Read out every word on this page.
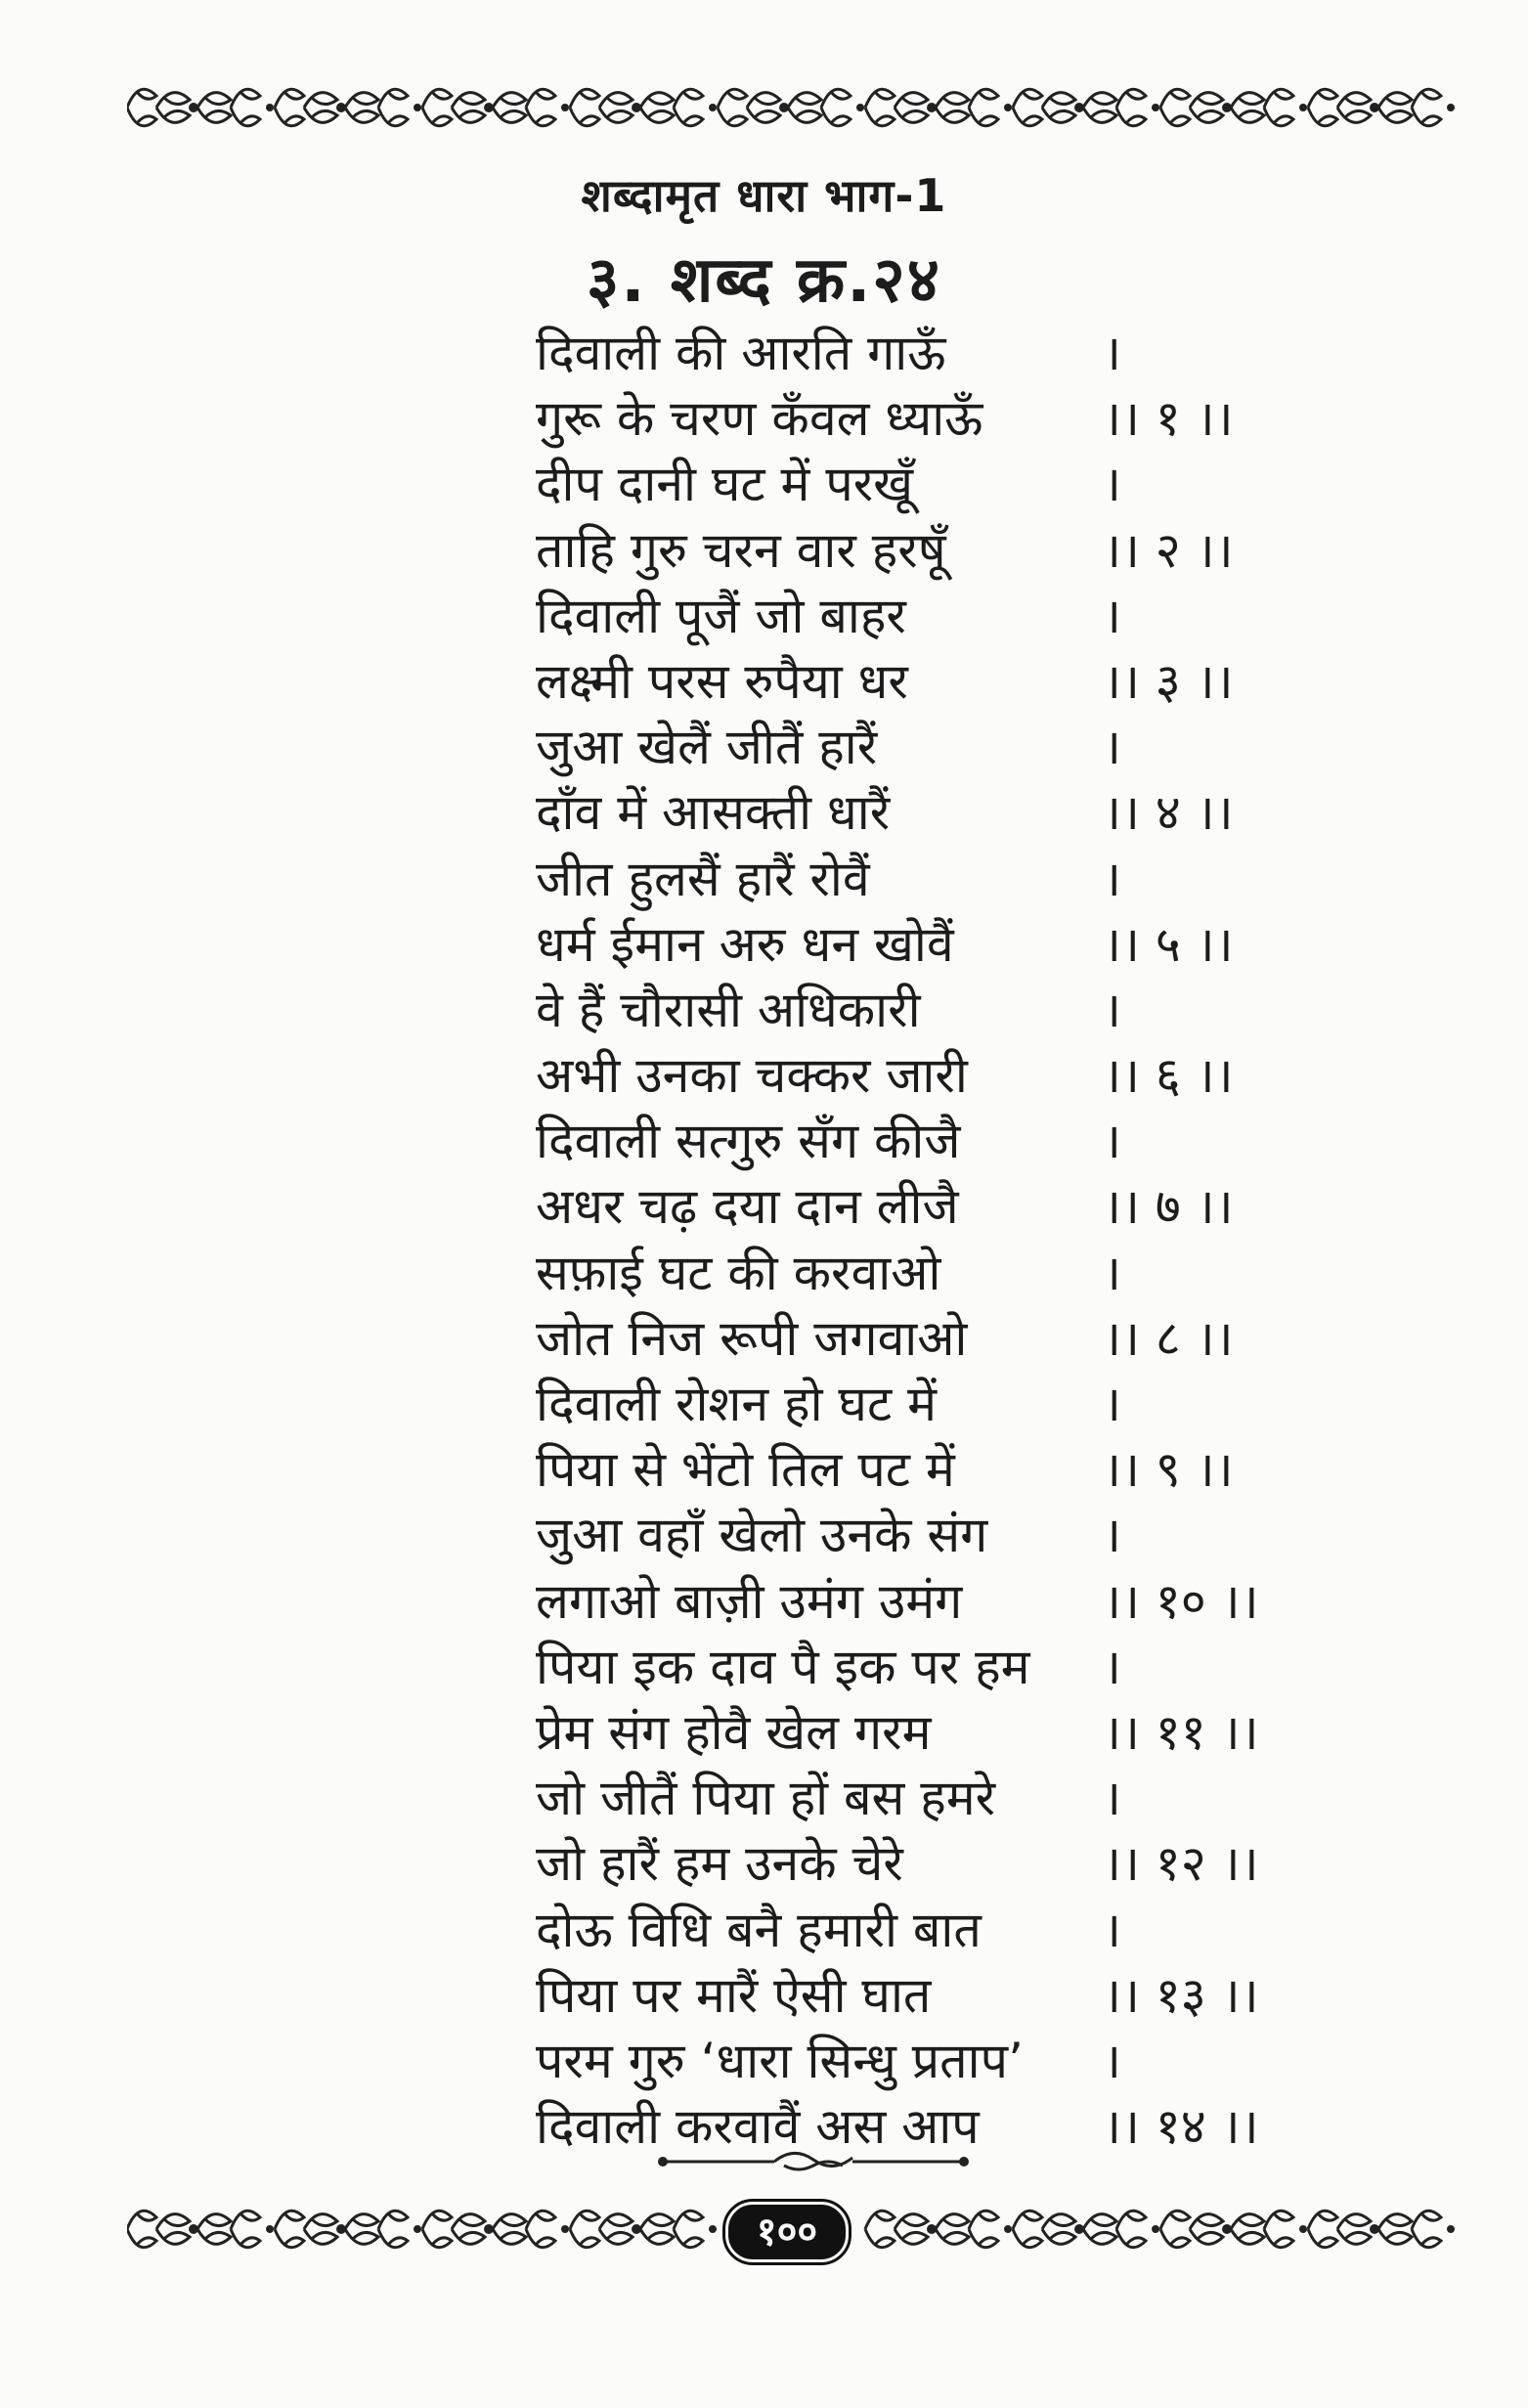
शब्दामृत धारा भाग-1
३. शब्द क्र.२४
दिवाली की आरति गाऊँ	।
गुरू के चरण कँवल ध्याऊँ ।। १ ।।
दीप दानी घट में परखूँ	।
ताहि गुरु चरन वार हरषूँ	।। २ ।।
दिवाली पूजैं जो बाहर	।
लक्ष्मी परस रुपैया धर	।। ३ ।।
जुआ खेलैं जीतैं हारैं	।
दाँव में आसक्ती धारैं	।। ४ ।।
जीत हुलसैं हारैं रोवैं	।
धर्म ईमान अरु धन खोवैं	।। ५ ।।
वे हैं चौरासी अधिकारी	।
अभी उनका चक्कर जारी	।। ६ ।।
दिवाली सत्गुरु सँग कीजै	।
अधर चढ़ दया दान लीजै	।। ७ ।।
सफ़ाई घट की करवाओ	।
जोत निज रूपी जगवाओ	।। ८ ।।
दिवाली रोशन हो घट में	।
पिया से भेंटो तिल पट में	।। ९ ।।
जुआ वहाँ खेलो उनके संग ।
लगाओ बाज़ी उमंग उमंग	।। १० ।।
पिया इक दाव पै इक पर हम ।
प्रेम संग होवै खेल गरम	।। ११ ।।
जो जीतैं पिया हों बस हमरे ।
जो हारैं हम उनके चेरे	।। १२ ।।
दोऊ विधि बनै हमारी बात ।
पिया पर मारैं ऐसी घात	।। १३ ।।
परम गुरु ‘धारा सिन्धु प्रताप’ ।
दिवाली करवावैं अस आप	।। १४ ।।
१००
